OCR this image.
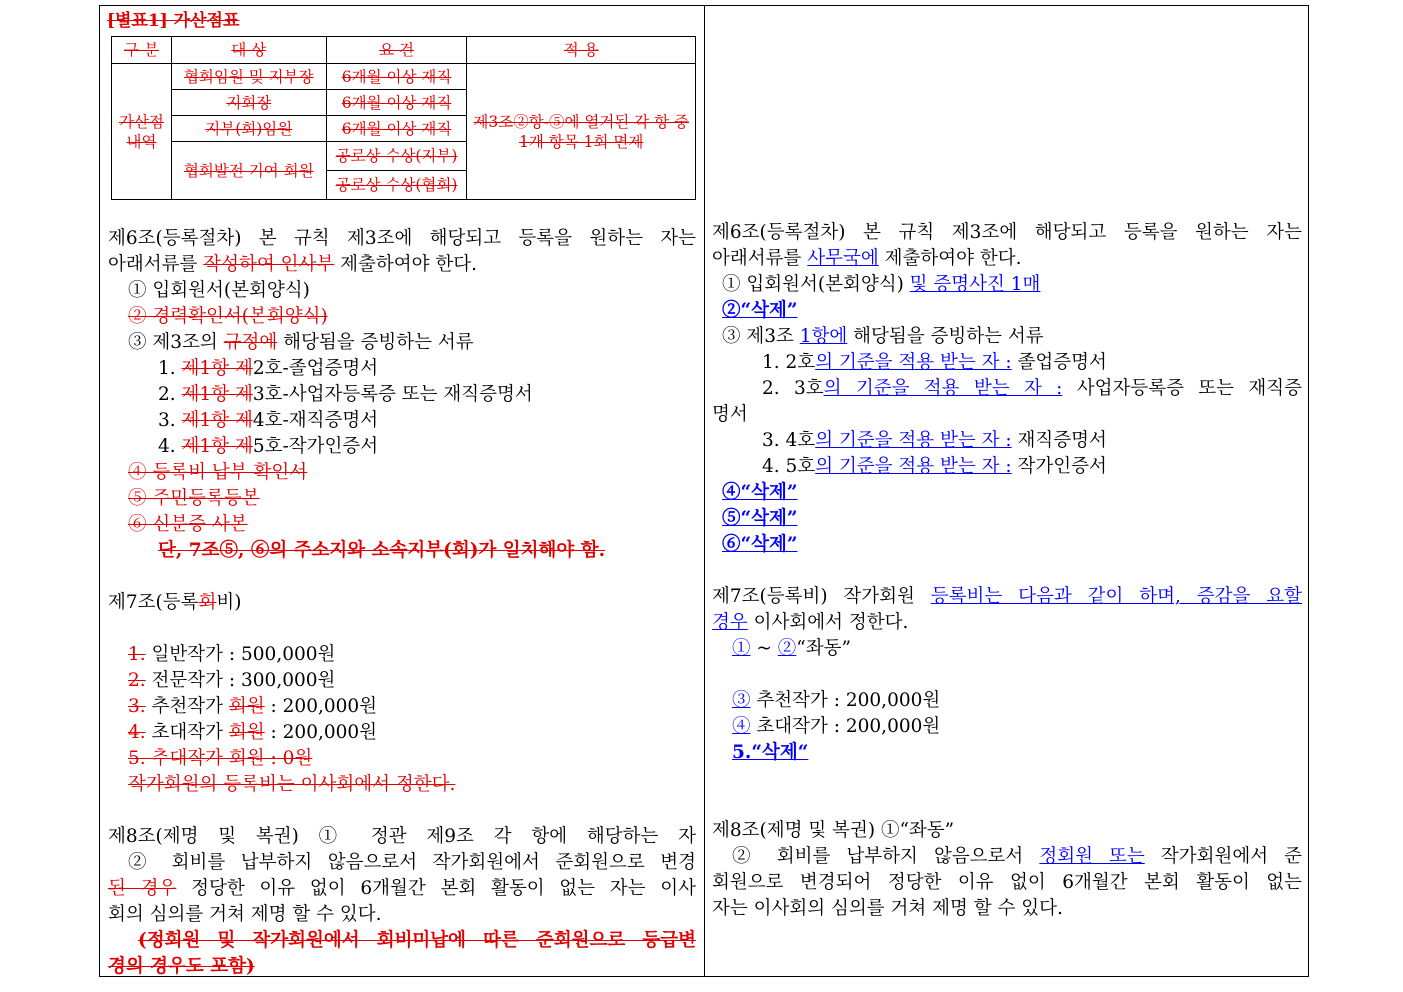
[별표1] 가산점표
구 분	대 상	요 건	적 용
가산점
내역	협회임원 및 지부장	6개월 이상 재직	제3조②항-⑤에 열거된 각 항 중 1개 항목 1회 면제
	지회장	6개월 이상 재직	
	지부(회)임원	6개월 이상 재직	
	협회발전 기여 회원	공로상 수상(지부)	
		공로상 수상(협회)	
제6조(등록절차) 본 규칙 제3조에 해당되고 등록을 원하는 자는
아래서류를 작성하여 인사부 제출하여야 한다.
① 입회원서(본회양식)
② 경력확인서(본회양식)
③ 제3조의 규정에 해당됨을 증빙하는 서류
1. 제1항 제2호-졸업증명서
2. 제1항 제3호-사업자등록증 또는 재직증명서
3. 제1항 제4호-재직증명서
4. 제1항 제5호-작가인증서
④ 등록비 납부 확인서
⑤ 주민등록등본
⑥ 신분증 사본
단, 7조⑤, ⑥의 주소지와 소속지부(회)가 일치해야 함.
제7조(등록회비)
1. 일반작가 : 500,000원
2. 전문작가 : 300,000원
3. 추천작가 회원 : 200,000원
4. 초대작가 회원 : 200,000원
5. 추대작가 회원 : 0원
작가회원의 등록비는 이사회에서 정한다.
제8조(제명 및 복권) ① 정관 제9조 각 항에 해당하는 자
② 회비를 납부하지 않음으로서 작가회원에서 준회원으로 변경
된 경우 정당한 이유 없이 6개월간 본회 활동이 없는 자는 이사
회의 심의를 거쳐 제명 할 수 있다.
(정회원 및 작가회원에서 회비미납에 따른 준회원으로 등급변
경의 경우도 포함)
제6조(등록절차) 본 규칙 제3조에 해당되고 등록을 원하는 자는
아래서류를 사무국에 제출하여야 한다.
① 입회원서(본회양식) 및 증명사진 1매
②“삭제”
③ 제3조 1항에 해당됨을 증빙하는 서류
1. 2호의 기준을 적용 받는 자 : 졸업증명서
2. 3호의 기준을 적용 받는 자 : 사업자등록증 또는 재직증
명서
3. 4호의 기준을 적용 받는 자 : 재직증명서
4. 5호의 기준을 적용 받는 자 : 작가인증서
④“삭제”
⑤“삭제”
⑥“삭제”
제7조(등록비) 작가회원 등록비는 다음과 같이 하며, 증감을 요할
경우 이사회에서 정한다.
① ~ ②“좌동”
③ 추천작가 : 200,000원
④ 초대작가 : 200,000원
5.“삭제“
제8조(제명 및 복권) ①“좌동”
② 회비를 납부하지 않음으로서 정회원 또는 작가회원에서 준
회원으로 변경되어 정당한 이유 없이 6개월간 본회 활동이 없는
자는 이사회의 심의를 거쳐 제명 할 수 있다.
